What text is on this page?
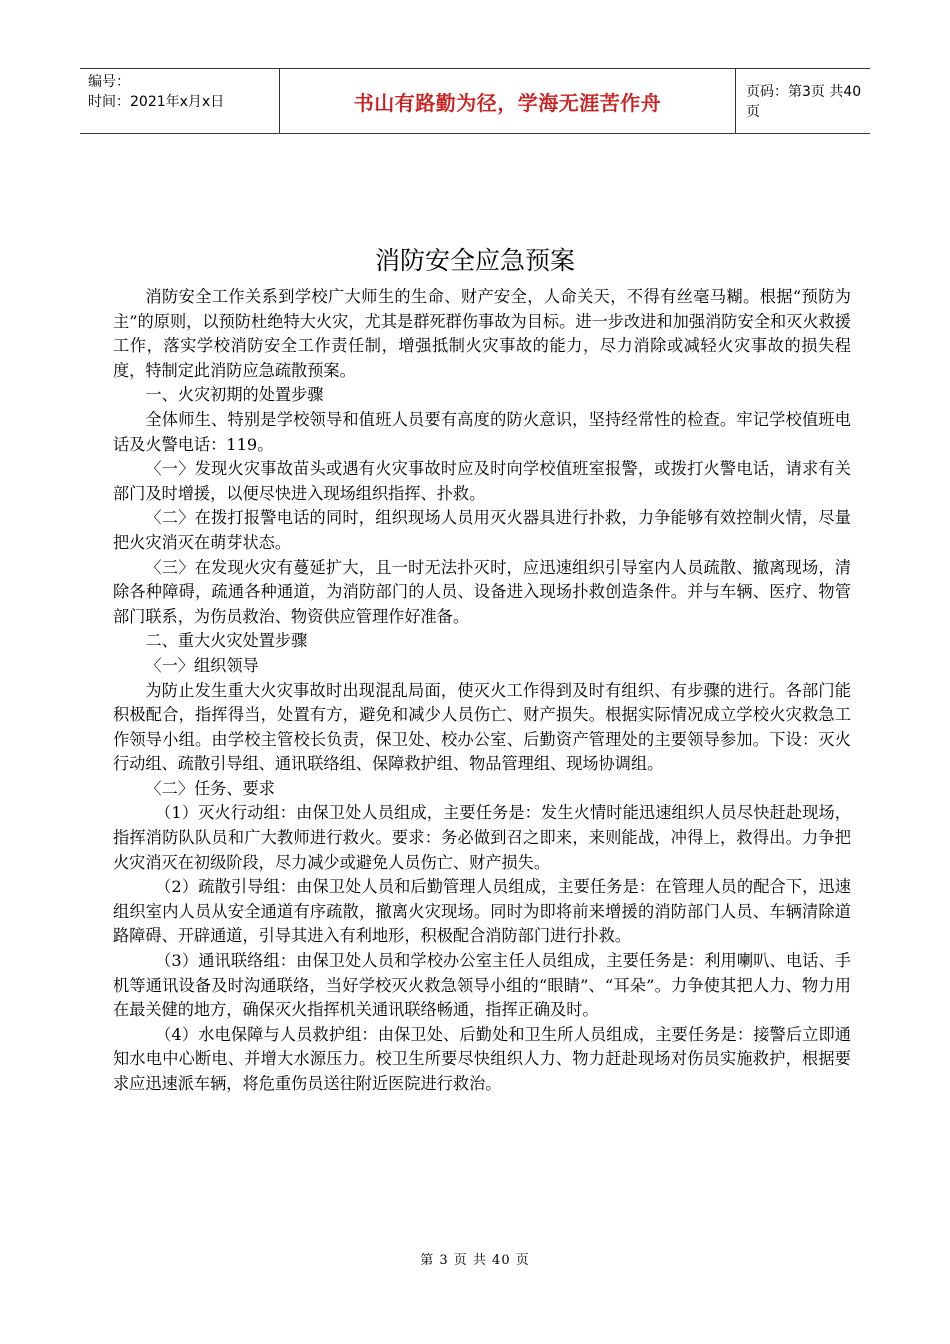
编号：
时间：2021年x月x日	书山有路勤为径，学海无涯苦作舟	页码：第3页 共40页
消防安全应急预案

消防安全工作关系到学校广大师生的生命、财产安全，人命关天，不得有丝毫马糊。根据“预防为主”的原则，以预防杜绝特大火灾，尤其是群死群伤事故为目标。进一步改进和加强消防安全和灭火救援工作，落实学校消防安全工作责任制，增强抵制火灾事故的能力，尽力消除或减轻火灾事故的损失程度，特制定此消防应急疏散预案。

一、火灾初期的处置步骤

全体师生、特别是学校领导和值班人员要有高度的防火意识，坚持经常性的检查。牢记学校值班电话及火警电话：119。

〈一〉发现火灾事故苗头或遇有火灾事故时应及时向学校值班室报警，或拨打火警电话，请求有关部门及时增援，以便尽快进入现场组织指挥、扑救。

〈二〉在拨打报警电话的同时，组织现场人员用灭火器具进行扑救，力争能够有效控制火情，尽量把火灾消灭在萌芽状态。

〈三〉在发现火灾有蔓延扩大，且一时无法扑灭时，应迅速组织引导室内人员疏散、撤离现场，清除各种障碍，疏通各种通道，为消防部门的人员、设备进入现场扑救创造条件。并与车辆、医疗、物管部门联系，为伤员救治、物资供应管理作好准备。

二、重大火灾处置步骤

〈一〉组织领导

为防止发生重大火灾事故时出现混乱局面，使灭火工作得到及时有组织、有步骤的进行。各部门能积极配合，指挥得当，处置有方，避免和减少人员伤亡、财产损失。根据实际情况成立学校火灾救急工作领导小组。由学校主管校长负责，保卫处、校办公室、后勤资产管理处的主要领导参加。下设：灭火行动组、疏散引导组、通讯联络组、保障救护组、物品管理组、现场协调组。

〈二〉任务、要求

（1）灭火行动组：由保卫处人员组成，主要任务是：发生火情时能迅速组织人员尽快赶赴现场，指挥消防队队员和广大教师进行救火。要求：务必做到召之即来，来则能战，冲得上，救得出。力争把火灾消灭在初级阶段，尽力减少或避免人员伤亡、财产损失。

（2）疏散引导组：由保卫处人员和后勤管理人员组成，主要任务是：在管理人员的配合下，迅速组织室内人员从安全通道有序疏散，撤离火灾现场。同时为即将前来增援的消防部门人员、车辆清除道路障碍、开辟通道，引导其进入有利地形，积极配合消防部门进行扑救。

（3）通讯联络组：由保卫处人员和学校办公室主任人员组成，主要任务是：利用喇叭、电话、手机等通讯设备及时沟通联络，当好学校灭火救急领导小组的“眼睛”、“耳朵”。力争使其把人力、物力用在最关健的地方，确保灭火指挥机关通讯联络畅通，指挥正确及时。

（4）水电保障与人员救护组：由保卫处、后勤处和卫生所人员组成，主要任务是：接警后立即通知水电中心断电、并增大水源压力。校卫生所要尽快组织人力、物力赶赴现场对伤员实施救护，根据要求应迅速派车辆，将危重伤员送往附近医院进行救治。

第 3 页 共 40 页
